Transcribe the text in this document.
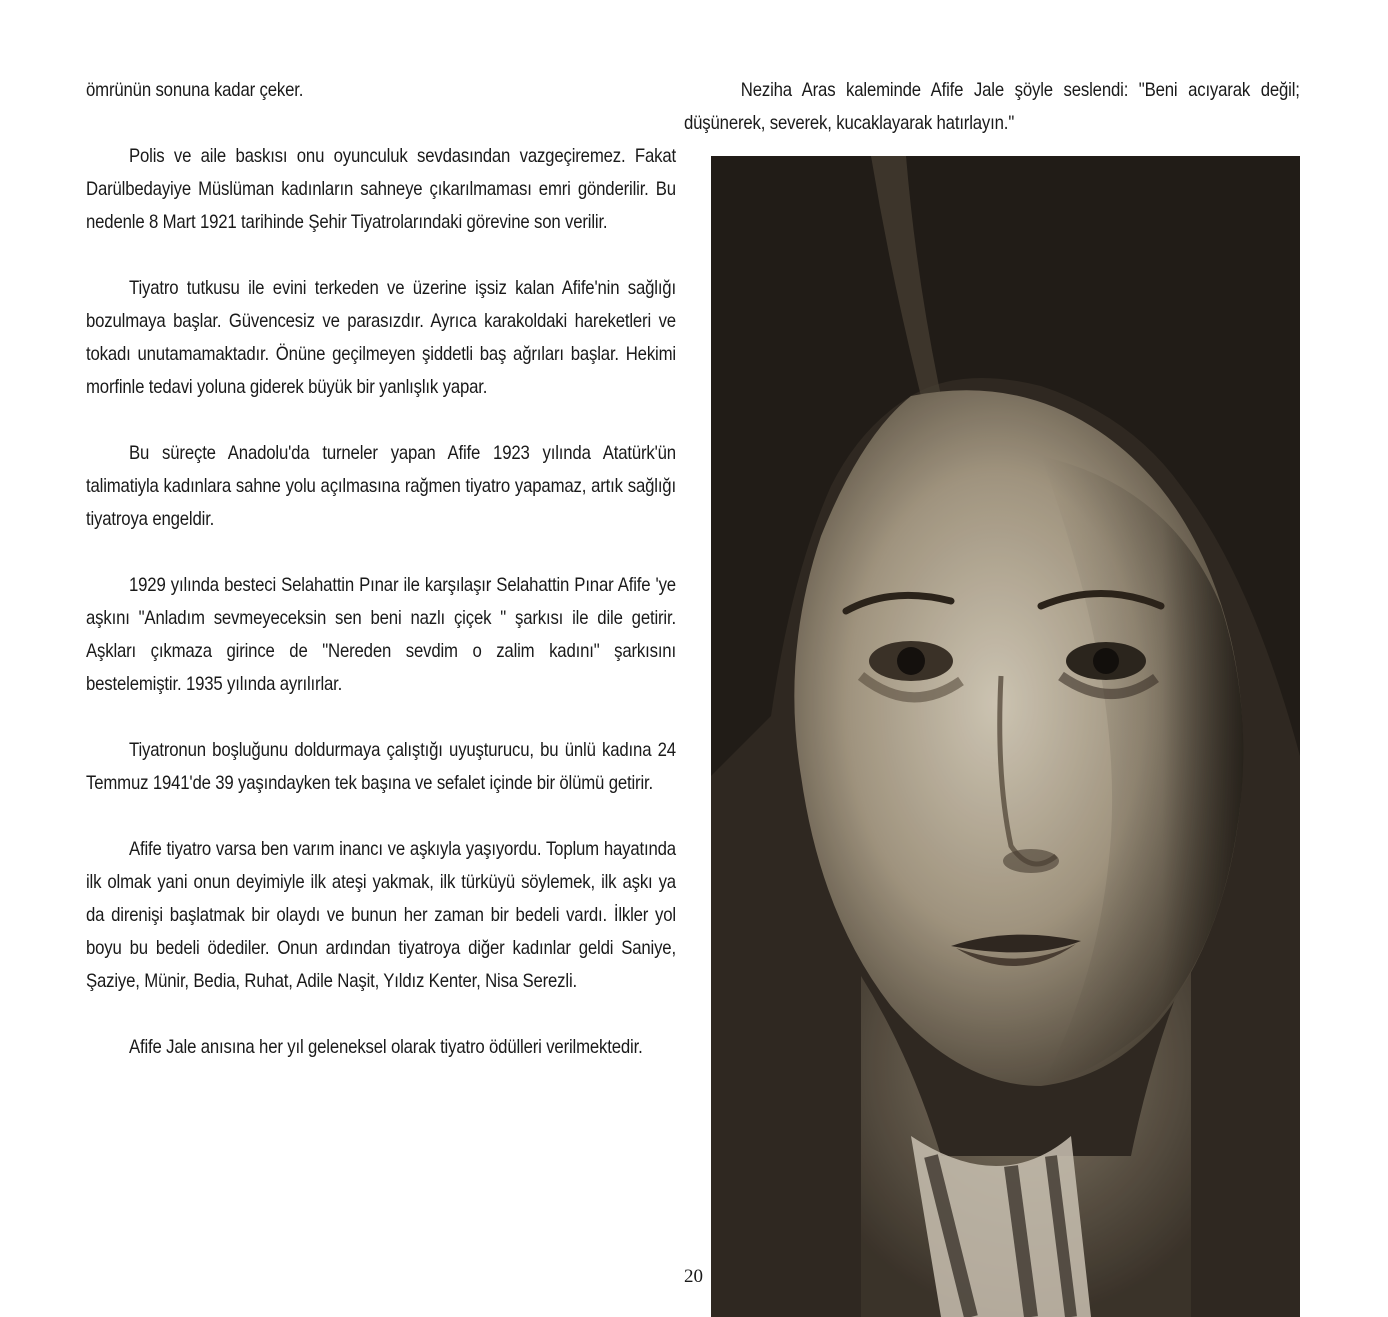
ömrünün sonuna kadar çeker.

Polis ve aile baskısı onu oyunculuk sevdasından vazgeçiremez. Fakat Darülbedayiye Müslüman kadınların sahneye çıkarılmaması emri gönderilir. Bu nedenle 8 Mart 1921 tarihinde Şehir Tiyatrolarındaki görevine son verilir.

Tiyatro tutkusu ile evini terkeden ve üzerine işsiz kalan Afife'nin sağlığı bozulmaya başlar. Güvencesiz ve parasızdır. Ayrıca karakoldaki hareketleri ve tokadı unutamamaktadır. Önüne geçilmeyen şiddetli baş ağrıları başlar. Hekimi morfinle tedavi yoluna giderek büyük bir yanlışlık yapar.

Bu süreçte Anadolu'da turneler yapan Afife 1923 yılında Atatürk'ün talimatiyla kadınlara sahne yolu açılmasına rağmen tiyatro yapamaz, artık sağlığı tiyatroya engeldir.

1929 yılında besteci Selahattin Pınar ile karşılaşır Selahattin Pınar Afife 'ye aşkını "Anladım sevmeyeceksin sen beni nazlı çiçek " şarkısı ile dile getirir. Aşkları çıkmaza girince de "Nereden sevdim o zalim kadını" şarkısını bestelemiştir. 1935 yılında ayrılırlar.

Tiyatronun boşluğunu doldurmaya çalıştığı uyuşturucu, bu ünlü kadına 24 Temmuz 1941'de 39 yaşındayken tek başına ve sefalet içinde bir ölümü getirir.

Afife tiyatro varsa ben varım inancı ve aşkıyla yaşıyordu. Toplum hayatında ilk olmak yani onun deyimiyle ilk ateşi yakmak, ilk türküyü söylemek, ilk aşkı ya da direnişi başlatmak bir olaydı ve bunun her zaman bir bedeli vardı. İlkler yol boyu bu bedeli ödediler. Onun ardından tiyatroya diğer kadınlar geldi Saniye, Şaziye, Münir, Bedia, Ruhat, Adile Naşit, Yıldız Kenter, Nisa Serezli.

Afife Jale anısına her yıl geleneksel olarak tiyatro ödülleri verilmektedir.

Neziha Aras kaleminde Afife Jale şöyle seslendi: "Beni acıyarak değil; düşünerek, severek, kucaklayarak hatırlayın.''

20
